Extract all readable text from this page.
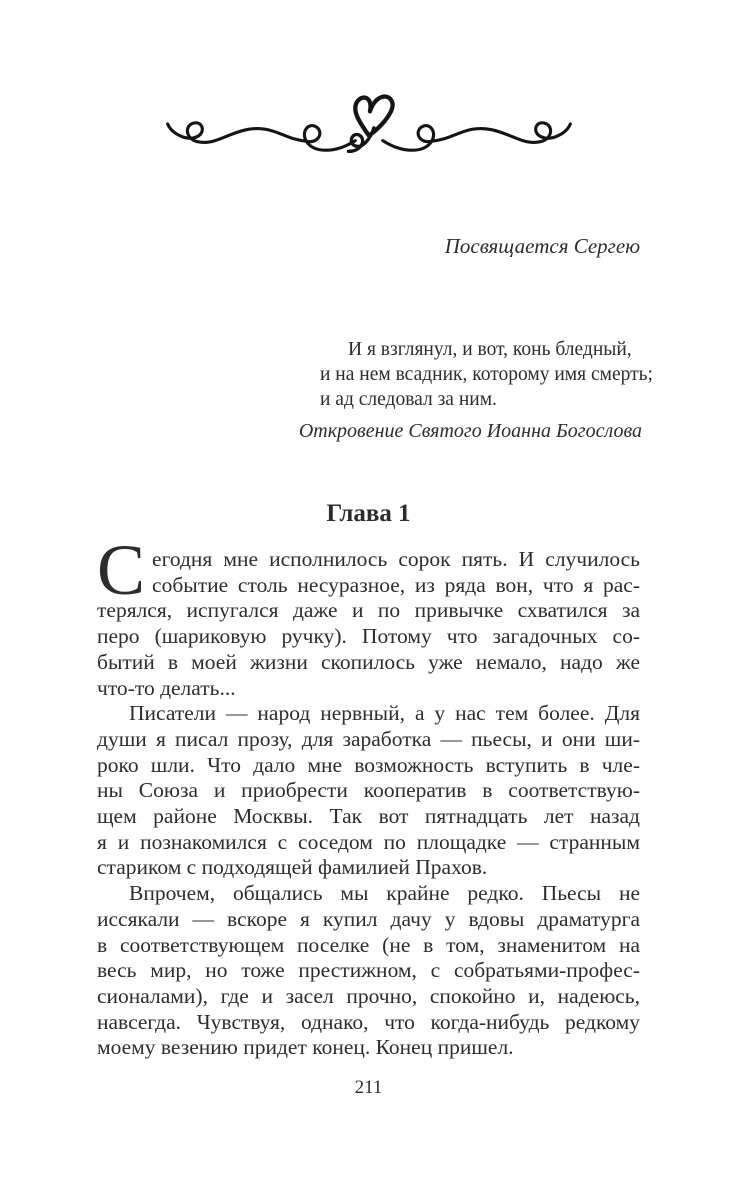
Посвящается Сергею
И я взглянул, и вот, конь бледный,
и на нем всадник, которому имя смерть;
и ад следовал за ним.
Откровение Святого Иоанна Богослова
Глава 1
С егодня мне исполнилось сорок пять. И случилось
событие столь несуразное, из ряда вон, что я рас-
терялся, испугался даже и по привычке схватился за
перо (шариковую ручку). Потому что загадочных со-
бытий в моей жизни скопилось уже немало, надо же
что-то делать...
Писатели — народ нервный, а у нас тем более. Для
души я писал прозу, для заработка — пьесы, и они ши-
роко шли. Что дало мне возможность вступить в чле-
ны Союза и приобрести кооператив в соответствую-
щем районе Москвы. Так вот пятнадцать лет назад
я и познакомился с соседом по площадке — странным
стариком с подходящей фамилией Прахов.
Впрочем, общались мы крайне редко. Пьесы не
иссякали — вскоре я купил дачу у вдовы драматурга
в соответствующем поселке (не в том, знаменитом на
весь мир, но тоже престижном, с собратьями-профес-
сионалами), где и засел прочно, спокойно и, надеюсь,
навсегда. Чувствуя, однако, что когда-нибудь редкому
моему везению придет конец. Конец пришел.
211
